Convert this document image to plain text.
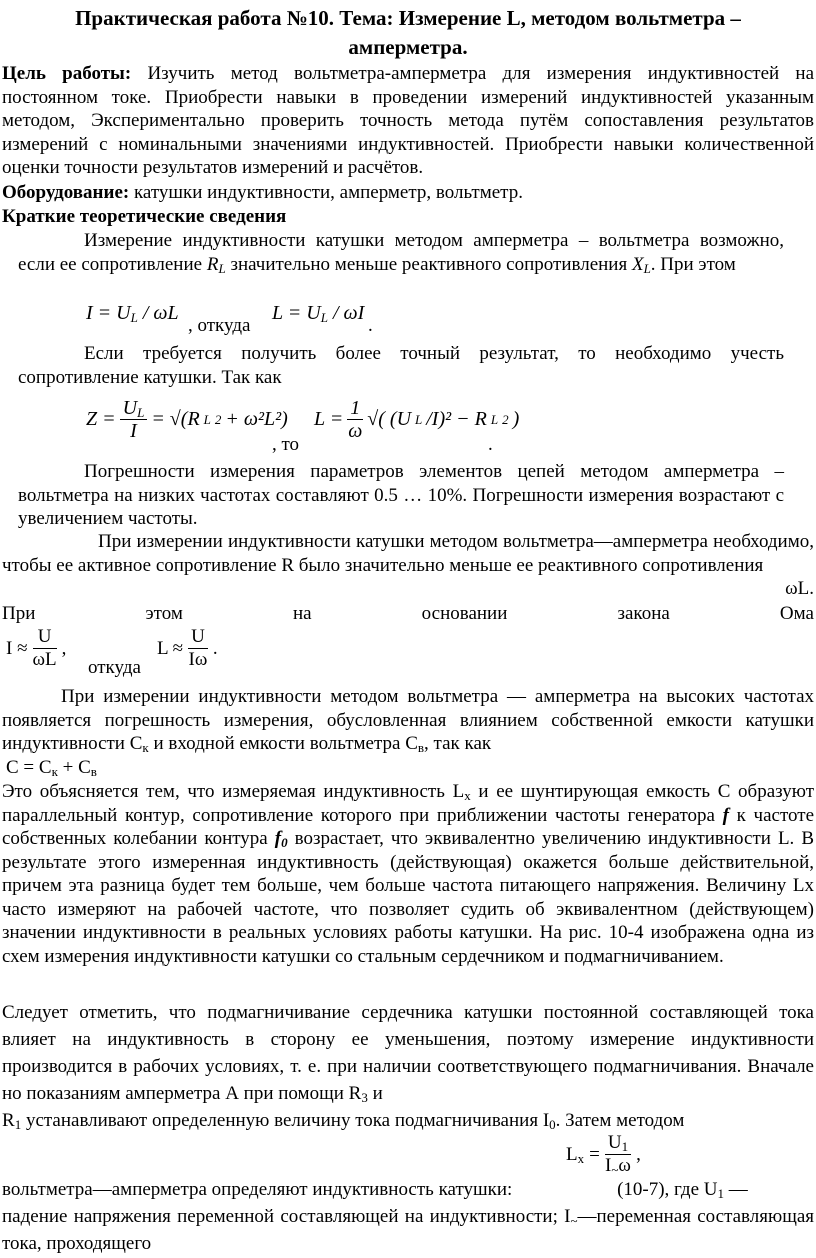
Практическая работа №10. Тема: Измерение L, методом вольтметра – амперметра.
Цель работы: Изучить метод вольтметра-амперметра для измерения индуктивностей на постоянном токе. Приобрести навыки в проведении измерений индуктивностей указанным методом, Экспериментально проверить точность метода путём сопоставления результатов измерений с номинальными значениями индуктивностей. Приобрести навыки количественной оценки точности результатов измерений и расчётов.
Оборудование: катушки индуктивности, амперметр, вольтметр.
Краткие теоретические сведения
Измерение индуктивности катушки методом амперметра – вольтметра возможно, если ее сопротивление $R_L$ значительно меньше реактивного сопротивления $X_L$. При этом
$I = U_L / \omega L$
, откуда
$L = U_L / \omega I$
.
Если требуется получить более точный результат, то необходимо учесть сопротивление катушки. Так как
$Z = \frac{U_L}{I} = √(R$ L 2 + ω²L²)
, то
$L = \frac{1}{\omega}$ √( (U L /I)² − R L 2 )
.
Погрешности измерения параметров элементов цепей методом амперметра – вольтметра на низких частотах составляют 0.5 … 10%. Погрешности измерения возрастают с увеличением частоты.
При измерении индуктивности катушки методом вольтметра—амперметра необходимо, чтобы ее активное сопротивление R было значительно меньше ее реактивного сопротивления
ωL.
При	этом	на	основании	закона	Ома
$I \approx \frac{U}{\omega L}$ ,
откуда
$L \approx \frac{U}{I\omega}$ .
При измерении индуктивности методом вольтметра — амперметра на высоких частотах появляется погрешность измерения, обусловленная влиянием собственной емкости катушки индуктивности $С_к$ и входной емкости вольтметра $С_в$, так как
$C = C_к + C_в$
Это объясняется тем, что измеряемая индуктивность $L_x$ и ее шунтирующая емкость С образуют параллельный контур, сопротивление которого при приближении частоты генератора f к частоте собственных колебании контура $f_0$ возрастает, что эквивалентно увеличению индуктивности L. В результате этого измеренная индуктивность (действующая) окажется больше действительной, причем эта разница будет тем больше, чем больше частота питающего напряжения. Величину Lx часто измеряют на рабочей частоте, что позволяет судить об эквивалентном (действующем) значении индуктивности в реальных условиях работы катушки. На рис. 10-4 изображена одна из схем измерения индуктивности катушки со стальным сердечником и подмагничиванием.
Следует отметить, что подмагничивание сердечника катушки постоянной составляющей тока влияет на индуктивность в сторону ее уменьшения, поэтому измерение индуктивности производится в рабочих условиях, т. е. при наличии соответствующего подмагничивания. Вначале но показаниям амперметра А при помощи $R_3$ и
$R_1$ устанавливают определенную величину тока подмагничивания $I_0$. Затем методом
$L_x = \frac{U_1}{I_\sim\omega}$ ,
вольтметра—амперметра определяют индуктивность катушки:	(10-7), где $U_1$ —
падение напряжения переменной составляющей на индуктивности; $I_\sim—переменная$ составляющая тока, проходящего
